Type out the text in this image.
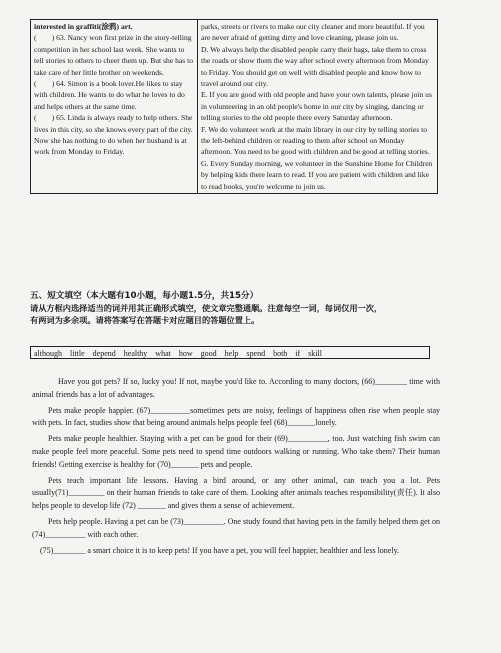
interested in graffiti(涂鸦) art.
(　　) 63. Nancy won first prize in the story-telling competition in her school last week. She wants to tell stories to others to cheer them up. But she has to take care of her little brother on weekends.
(　　) 64. Simon is a book lover.He likes to stay with children. He wants to do what he loves to do and helps others at the same time.
(　　) 65. Linda is always ready to help others. She lives in this city, so she knows every part of the city. Now she has nothing to do when her husband is at work from Monday to Friday.

parks, streets or rivers to make our city cleaner and more beautiful. If you are never afraid of getting dirty and love cleaning, please join us.
D. We always help the disabled people carry their bags, take them to cross the roads or show them the way after school every afternoon from Monday to Friday. You should get on well with disabled people and know how to travel around our city.
E. If you are good with old people and have your own talents, please join us in volunteering in an old people's home in our city by singing, dancing or telling stories to the old people there every Saturday afternoon.
F. We do volunteer work at the main library in our city by telling stories to the left-behind children or reading to them after school on Monday afternoon. You need to be good with children and be good at telling stories.
G. Every Sunday morning, we volunteer in the Sunshine Home for Children by helping kids there learn to read. If you are patient with children and like to read books, you're welcome to join us.
五、短文填空（本大题有10小题，每小题1.5分，共15分）
请从方框内选择适当的词并用其正确形式填空，使文章完整通顺。注意每空一词，每词仅用一次，
有两词为多余项。请将答案写在答题卡对应题目的答题位置上。
although little depend healthy what how good help spend both if skill

Have you got pets? If so, lucky you! If not, maybe you'd like to. According to many doctors, (66)________ time with animal friends has a lot of advantages.

Pets make people happier. (67)__________sometimes pets are noisy, feelings of happiness often rise when people stay with pets. In fact, studies show that being around animals helps people feel (68)_______lonely.

Pets make people healthier. Staying with a pet can be good for their (69)__________, too. Just watching fish swim can make people feel more peaceful. Some pets need to spend time outdoors walking or running. Who take them? Their human friends! Getting exercise is healthy for (70)_______ pets and people.

Pets teach important life lessons. Having a bird around, or any other animal, can teach you a lot. Pets usually(71)_________ on their human friends to take care of them. Looking after animals teaches responsibility(责任). It also helps people to develop life (72) _______ and gives them a sense of achievement.

Pets help people. Having a pet can be (73)__________. One study found that having pets in the family helped them get on (74)__________ with each other.

(75)________ a smart choice it is to keep pets! If you have a pet, you will feel happier, healthier and less lonely.
